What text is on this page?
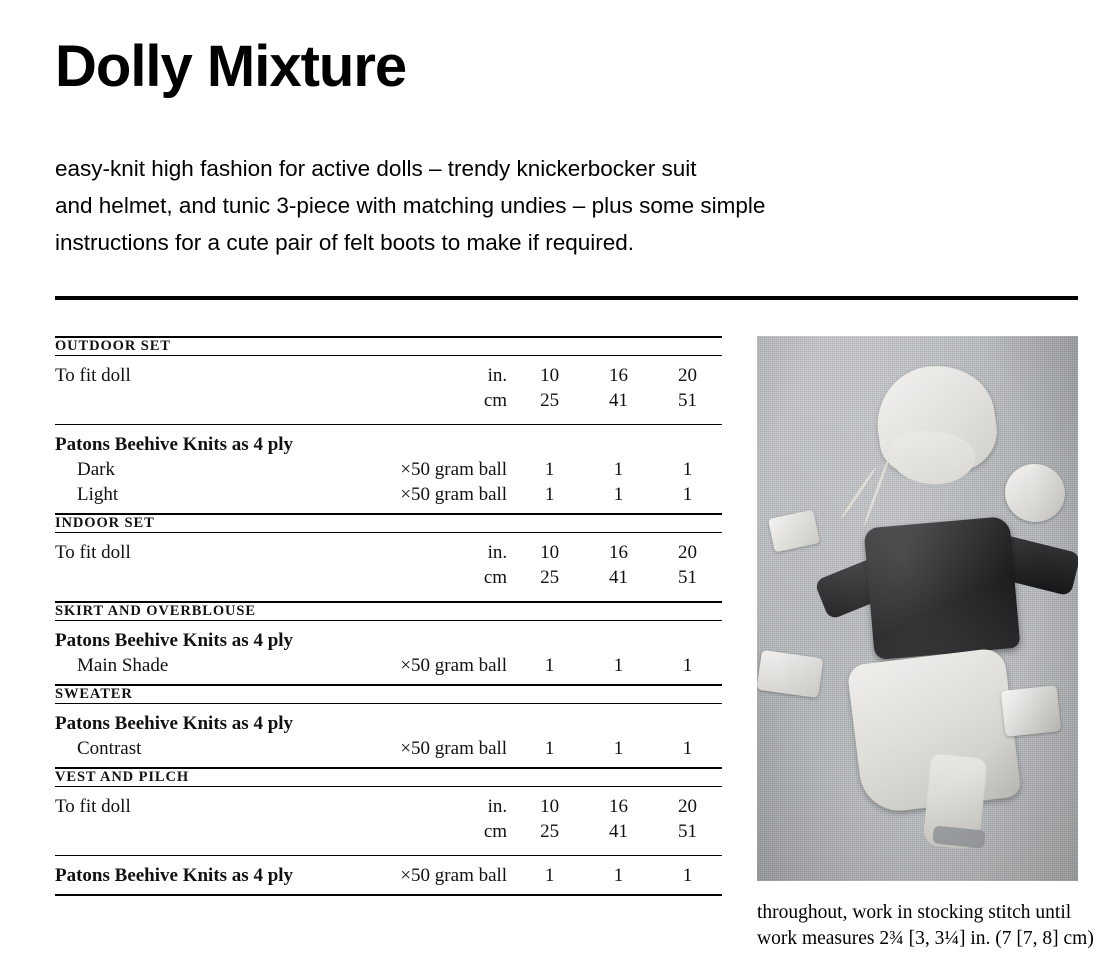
Dolly Mixture
easy-knit high fashion for active dolls – trendy knickerbocker suit
and helmet, and tunic 3-piece with matching undies – plus some simple
instructions for a cute pair of felt boots to make if required.

OUTDOOR SET				

To fit doll	in.	10	16	20
	cm	25	41	51

Patons Beehive Knits as 4 ply				
Dark	×50 gram ball	1	1	1
Light	×50 gram ball	1	1	1

INDOOR SET				

To fit doll	in.	10	16	20
	cm	25	41	51

SKIRT AND OVERBLOUSE				

Patons Beehive Knits as 4 ply				
Main Shade	×50 gram ball	1	1	1

SWEATER				

Patons Beehive Knits as 4 ply				
Contrast	×50 gram ball	1	1	1

VEST AND PILCH				

To fit doll	in.	10	16	20
	cm	25	41	51

Patons Beehive Knits as 4 ply	×50 gram ball	1	1	1

throughout, work in stocking stitch until
work measures 2¾ [3, 3¼] in. (7 [7, 8] cm)
